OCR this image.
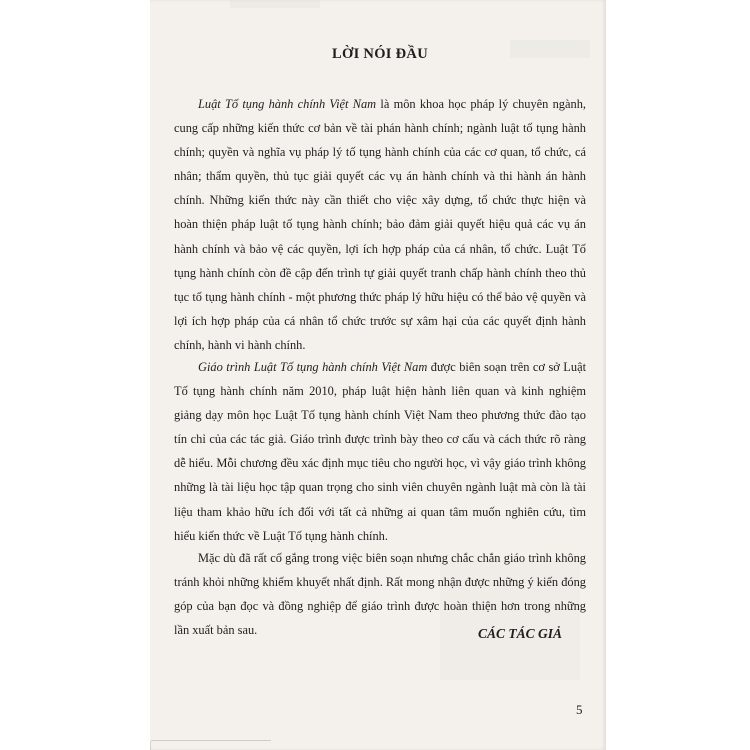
LỜI NÓI ĐẦU

Luật Tố tụng hành chính Việt Nam là môn khoa học pháp lý chuyên ngành, cung cấp những kiến thức cơ bản về tài phán hành chính; ngành luật tố tụng hành chính; quyền và nghĩa vụ pháp lý tố tụng hành chính của các cơ quan, tổ chức, cá nhân; thẩm quyền, thủ tục giải quyết các vụ án hành chính và thi hành án hành chính. Những kiến thức này cần thiết cho việc xây dựng, tổ chức thực hiện và hoàn thiện pháp luật tố tụng hành chính; bảo đảm giải quyết hiệu quả các vụ án hành chính và bảo vệ các quyền, lợi ích hợp pháp của cá nhân, tổ chức. Luật Tố tụng hành chính còn đề cập đến trình tự giải quyết tranh chấp hành chính theo thủ tục tố tụng hành chính - một phương thức pháp lý hữu hiệu có thể bảo vệ quyền và lợi ích hợp pháp của cá nhân tổ chức trước sự xâm hại của các quyết định hành chính, hành vi hành chính.

Giáo trình Luật Tố tụng hành chính Việt Nam được biên soạn trên cơ sở Luật Tố tụng hành chính năm 2010, pháp luật hiện hành liên quan và kinh nghiệm giảng dạy môn học Luật Tố tụng hành chính Việt Nam theo phương thức đào tạo tín chỉ của các tác giả. Giáo trình được trình bày theo cơ cấu và cách thức rõ ràng dễ hiểu. Mỗi chương đều xác định mục tiêu cho người học, vì vậy giáo trình không những là tài liệu học tập quan trọng cho sinh viên chuyên ngành luật mà còn là tài liệu tham khảo hữu ích đối với tất cả những ai quan tâm muốn nghiên cứu, tìm hiểu kiến thức về Luật Tố tụng hành chính.

Mặc dù đã rất cố gắng trong việc biên soạn nhưng chắc chắn giáo trình không tránh khỏi những khiếm khuyết nhất định. Rất mong nhận được những ý kiến đóng góp của bạn đọc và đồng nghiệp để giáo trình được hoàn thiện hơn trong những lần xuất bản sau.	CÁC TÁC GIẢ
5
